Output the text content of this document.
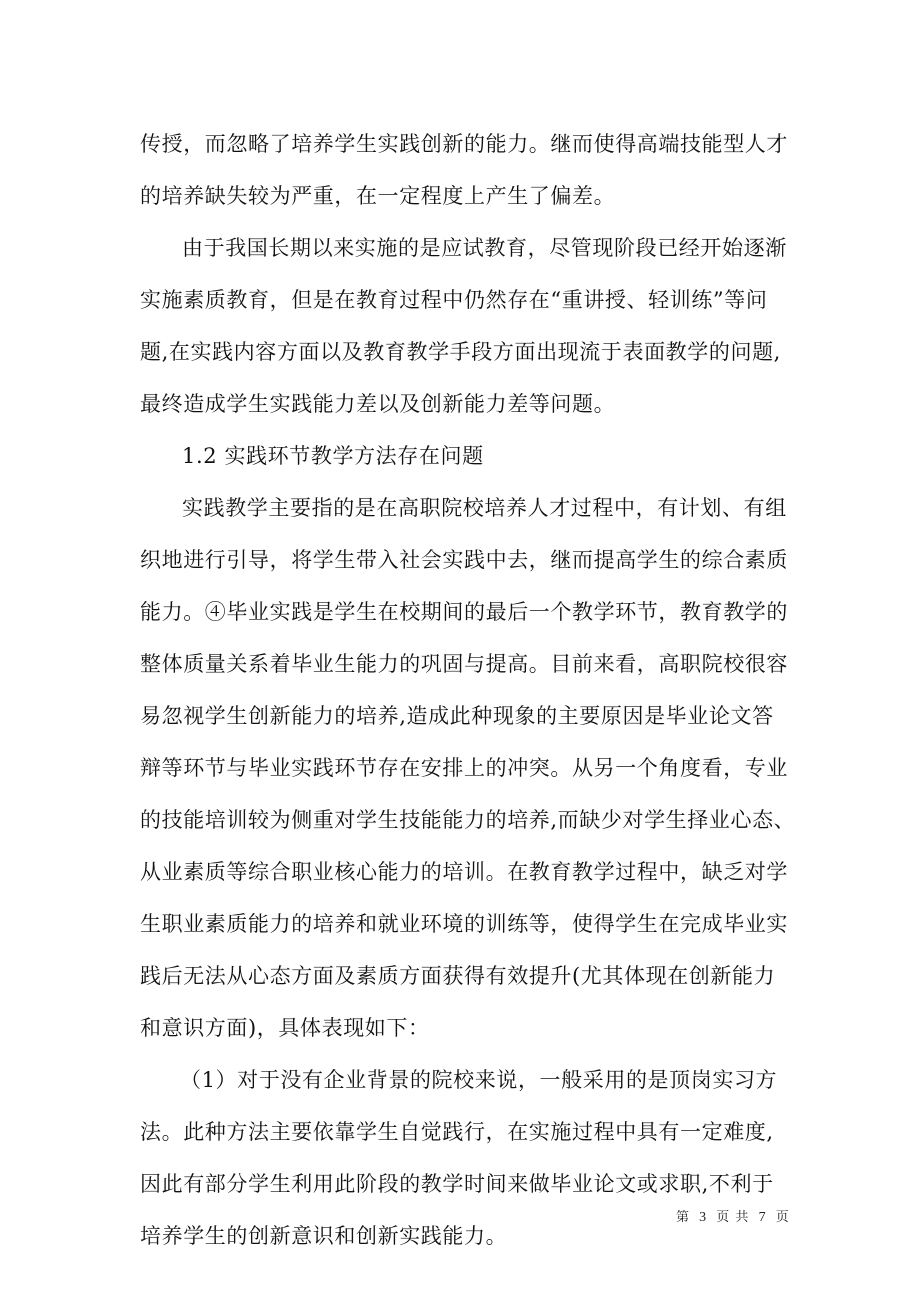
传授，而忽略了培养学生实践创新的能力。继而使得高端技能型人才
的培养缺失较为严重，在一定程度上产生了偏差。
由于我国长期以来实施的是应试教育，尽管现阶段已经开始逐渐
实施素质教育，但是在教育过程中仍然存在“重讲授、轻训练”等问
题,在实践内容方面以及教育教学手段方面出现流于表面教学的问题,
最终造成学生实践能力差以及创新能力差等问题。
1.2 实践环节教学方法存在问题
实践教学主要指的是在高职院校培养人才过程中，有计划、有组
织地进行引导，将学生带入社会实践中去，继而提高学生的综合素质
能力。④毕业实践是学生在校期间的最后一个教学环节，教育教学的
整体质量关系着毕业生能力的巩固与提高。目前来看，高职院校很容
易忽视学生创新能力的培养,造成此种现象的主要原因是毕业论文答
辩等环节与毕业实践环节存在安排上的冲突。从另一个角度看，专业
的技能培训较为侧重对学生技能能力的培养,而缺少对学生择业心态、
从业素质等综合职业核心能力的培训。在教育教学过程中，缺乏对学
生职业素质能力的培养和就业环境的训练等，使得学生在完成毕业实
践后无法从心态方面及素质方面获得有效提升(尤其体现在创新能力
和意识方面)，具体表现如下：
（1）对于没有企业背景的院校来说，一般采用的是顶岗实习方
法。此种方法主要依靠学生自觉践行，在实施过程中具有一定难度,
因此有部分学生利用此阶段的教学时间来做毕业论文或求职,不利于
培养学生的创新意识和创新实践能力。
第 3 页 共 7 页
